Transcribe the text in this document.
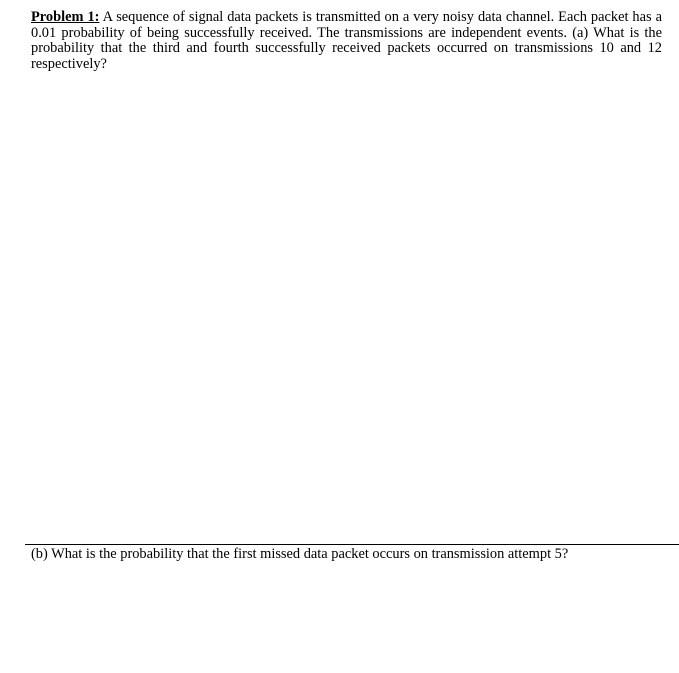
Problem 1: A sequence of signal data packets is transmitted on a very noisy data channel. Each packet has a 0.01 probability of being successfully received. The transmissions are independent events. (a) What is the probability that the third and fourth successfully received packets occurred on transmissions 10 and 12 respectively?
(b) What is the probability that the first missed data packet occurs on transmission attempt 5?
